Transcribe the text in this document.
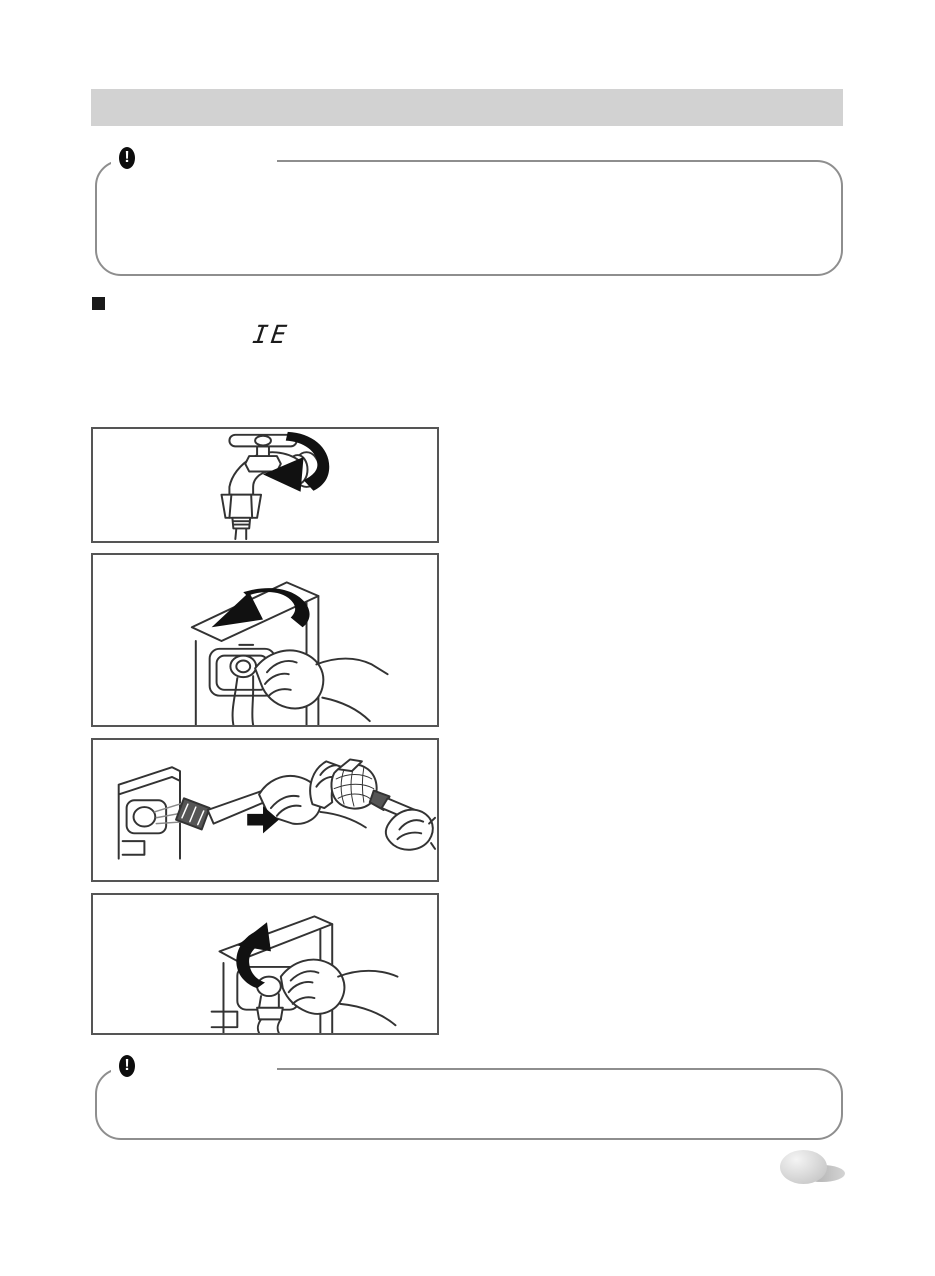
!
IE
!
